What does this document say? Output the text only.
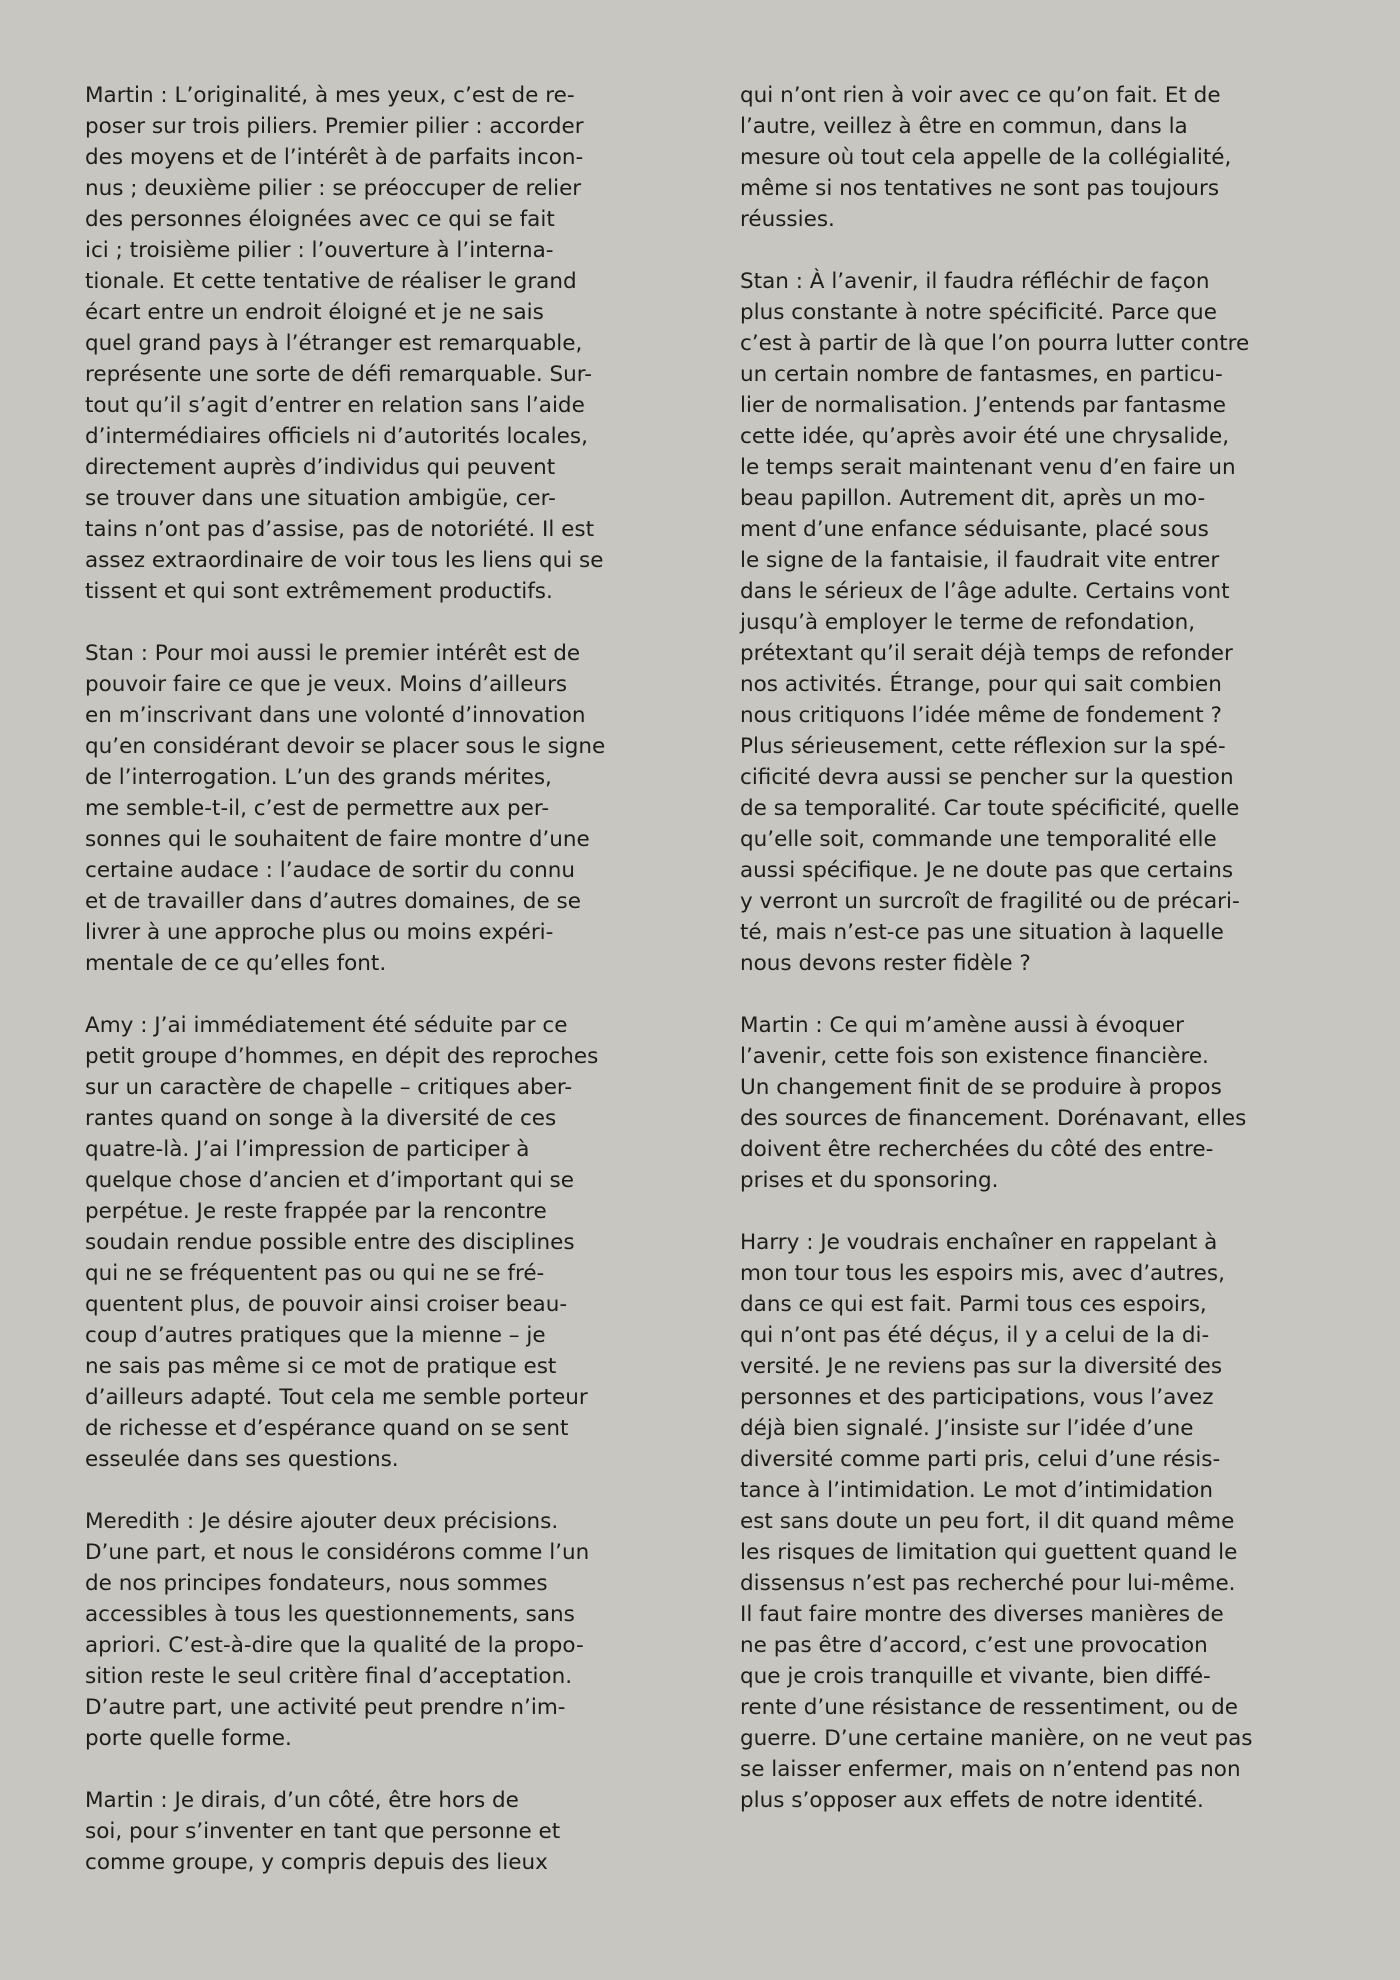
Martin : L’originalité, à mes yeux, c’est de re-
poser sur trois piliers. Premier pilier : accorder
des moyens et de l’intérêt à de parfaits incon-
nus ; deuxième pilier : se préoccuper de relier
des personnes éloignées avec ce qui se fait
ici ; troisième pilier : l’ouverture à l’interna-
tionale. Et cette tentative de réaliser le grand
écart entre un endroit éloigné et je ne sais
quel grand pays à l’étranger est remarquable,
représente une sorte de défi remarquable. Sur-
tout qu’il s’agit d’entrer en relation sans l’aide
d’intermédiaires officiels ni d’autorités locales,
directement auprès d’individus qui peuvent
se trouver dans une situation ambigüe, cer-
tains n’ont pas d’assise, pas de notoriété. Il est
assez extraordinaire de voir tous les liens qui se
tissent et qui sont extrêmement productifs.
Stan : Pour moi aussi le premier intérêt est de
pouvoir faire ce que je veux. Moins d’ailleurs
en m’inscrivant dans une volonté d’innovation
qu’en considérant devoir se placer sous le signe
de l’interrogation. L’un des grands mérites,
me semble-t-il, c’est de permettre aux per-
sonnes qui le souhaitent de faire montre d’une
certaine audace : l’audace de sortir du connu
et de travailler dans d’autres domaines, de se
livrer à une approche plus ou moins expéri-
mentale de ce qu’elles font.
Amy : J’ai immédiatement été séduite par ce
petit groupe d’hommes, en dépit des reproches
sur un caractère de chapelle – critiques aber-
rantes quand on songe à la diversité de ces
quatre-là. J’ai l’impression de participer à
quelque chose d’ancien et d’important qui se
perpétue. Je reste frappée par la rencontre
soudain rendue possible entre des disciplines
qui ne se fréquentent pas ou qui ne se fré-
quentent plus, de pouvoir ainsi croiser beau-
coup d’autres pratiques que la mienne – je
ne sais pas même si ce mot de pratique est
d’ailleurs adapté. Tout cela me semble porteur
de richesse et d’espérance quand on se sent
esseulée dans ses questions.
Meredith : Je désire ajouter deux précisions.
D’une part, et nous le considérons comme l’un
de nos principes fondateurs, nous sommes
accessibles à tous les questionnements, sans
apriori. C’est-à-dire que la qualité de la propo-
sition reste le seul critère final d’acceptation.
D’autre part, une activité peut prendre n’im-
porte quelle forme.
Martin : Je dirais, d’un côté, être hors de
soi, pour s’inventer en tant que personne et
comme groupe, y compris depuis des lieux
qui n’ont rien à voir avec ce qu’on fait. Et de
l’autre, veillez à être en commun, dans la
mesure où tout cela appelle de la collégialité,
même si nos tentatives ne sont pas toujours
réussies.
Stan : À l’avenir, il faudra réfléchir de façon
plus constante à notre spécificité. Parce que
c’est à partir de là que l’on pourra lutter contre
un certain nombre de fantasmes, en particu-
lier de normalisation. J’entends par fantasme
cette idée, qu’après avoir été une chrysalide,
le temps serait maintenant venu d’en faire un
beau papillon. Autrement dit, après un mo-
ment d’une enfance séduisante, placé sous
le signe de la fantaisie, il faudrait vite entrer
dans le sérieux de l’âge adulte. Certains vont
jusqu’à employer le terme de refondation,
prétextant qu’il serait déjà temps de refonder
nos activités. Étrange, pour qui sait combien
nous critiquons l’idée même de fondement ?
Plus sérieusement, cette réflexion sur la spé-
cificité devra aussi se pencher sur la question
de sa temporalité. Car toute spécificité, quelle
qu’elle soit, commande une temporalité elle
aussi spécifique. Je ne doute pas que certains
y verront un surcroît de fragilité ou de précari-
té, mais n’est-ce pas une situation à laquelle
nous devons rester fidèle ?
Martin : Ce qui m’amène aussi à évoquer
l’avenir, cette fois son existence financière.
Un changement finit de se produire à propos
des sources de financement. Dorénavant, elles
doivent être recherchées du côté des entre-
prises et du sponsoring.
Harry : Je voudrais enchaîner en rappelant à
mon tour tous les espoirs mis, avec d’autres,
dans ce qui est fait. Parmi tous ces espoirs,
qui n’ont pas été déçus, il y a celui de la di-
versité. Je ne reviens pas sur la diversité des
personnes et des participations, vous l’avez
déjà bien signalé. J’insiste sur l’idée d’une
diversité comme parti pris, celui d’une résis-
tance à l’intimidation. Le mot d’intimidation
est sans doute un peu fort, il dit quand même
les risques de limitation qui guettent quand le
dissensus n’est pas recherché pour lui-même.
Il faut faire montre des diverses manières de
ne pas être d’accord, c’est une provocation
que je crois tranquille et vivante, bien diffé-
rente d’une résistance de ressentiment, ou de
guerre. D’une certaine manière, on ne veut pas
se laisser enfermer, mais on n’entend pas non
plus s’opposer aux effets de notre identité.
